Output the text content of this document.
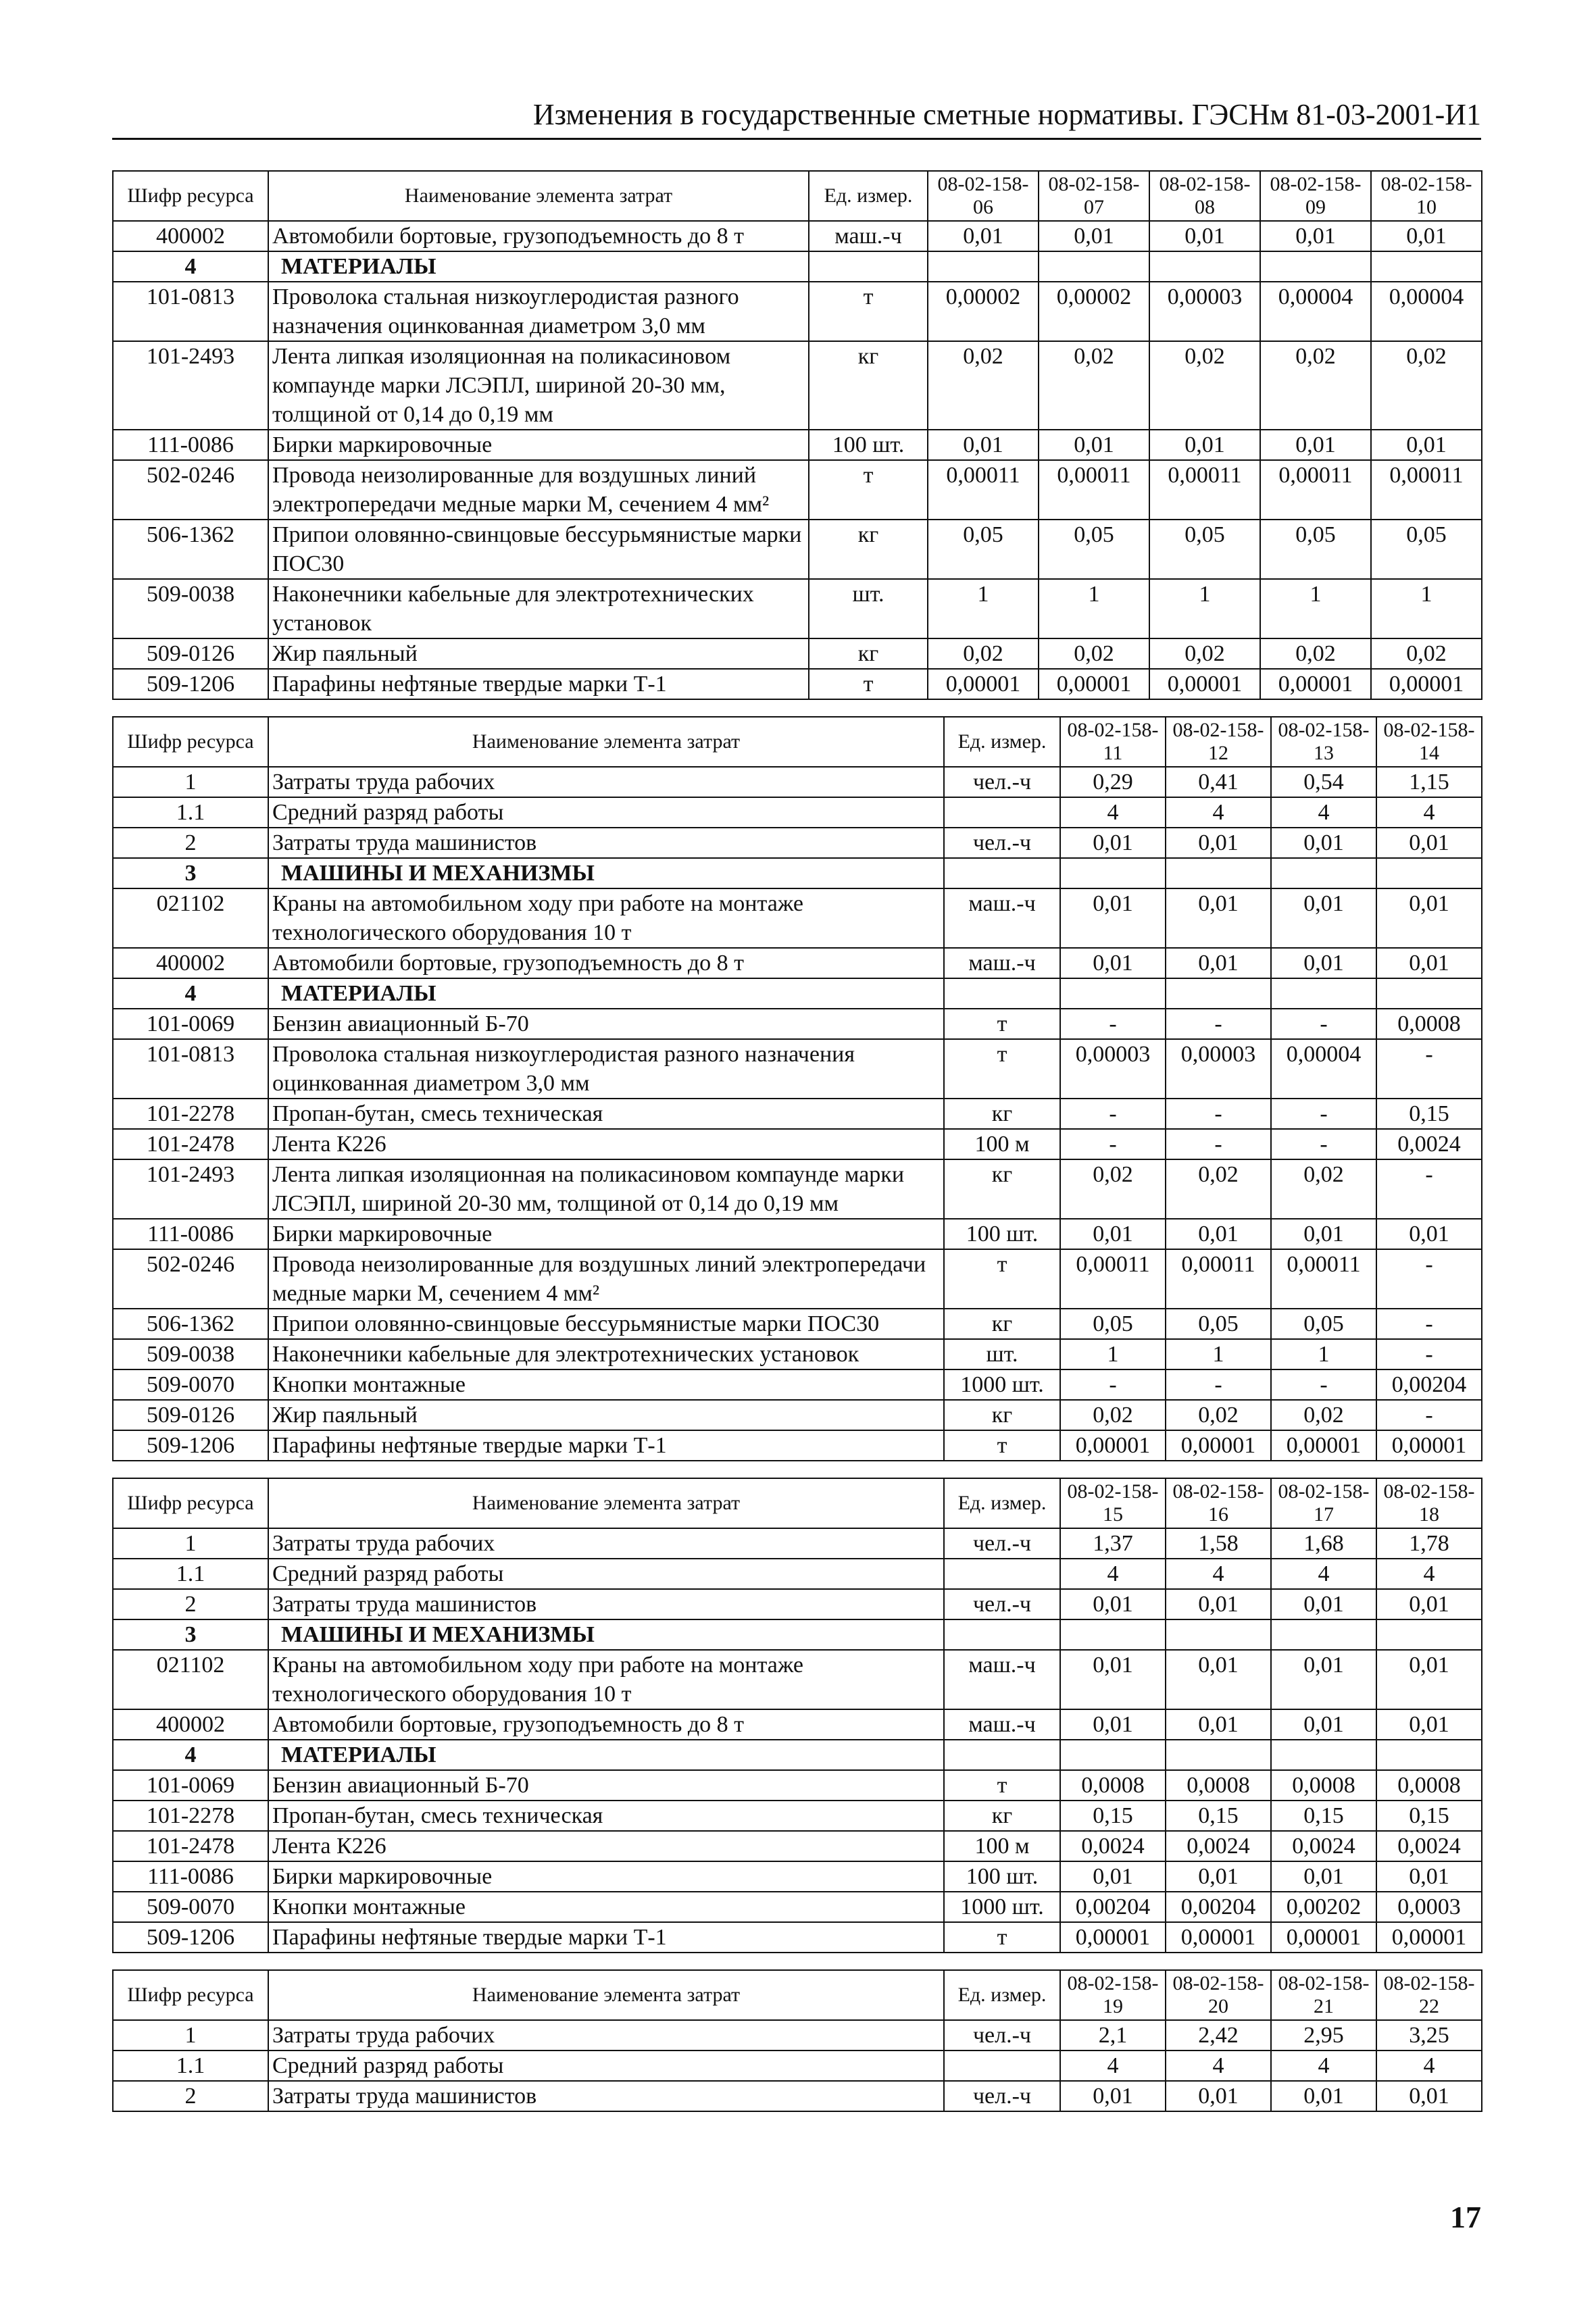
Изменения в государственные сметные нормативы. ГЭСНм 81-03-2001-И1
Шифр ресурса	Наименование элемента затрат	Ед. измер.	08-02-158-06	08-02-158-07	08-02-158-08	08-02-158-09	08-02-158-10
400002	Автомобили бортовые, грузоподъемность до 8 т	маш.-ч	0,01	0,01	0,01	0,01	0,01
4	МАТЕРИАЛЫ						
101-0813	Проволока стальная низкоуглеродистая разного назначения оцинкованная диаметром 3,0 мм	т	0,00002	0,00002	0,00003	0,00004	0,00004
101-2493	Лента липкая изоляционная на поликасиновом компаунде марки ЛСЭПЛ, шириной 20-30 мм, толщиной от 0,14 до 0,19 мм	кг	0,02	0,02	0,02	0,02	0,02
111-0086	Бирки маркировочные	100 шт.	0,01	0,01	0,01	0,01	0,01
502-0246	Провода неизолированные для воздушных линий электропередачи медные марки М, сечением 4 мм²	т	0,00011	0,00011	0,00011	0,00011	0,00011
506-1362	Припои оловянно-свинцовые бессурьмянистые марки ПОС30	кг	0,05	0,05	0,05	0,05	0,05
509-0038	Наконечники кабельные для электротехнических установок	шт.	1	1	1	1	1
509-0126	Жир паяльный	кг	0,02	0,02	0,02	0,02	0,02
509-1206	Парафины нефтяные твердые марки Т-1	т	0,00001	0,00001	0,00001	0,00001	0,00001
Шифр ресурса	Наименование элемента затрат	Ед. измер.	08-02-158-11	08-02-158-12	08-02-158-13	08-02-158-14
1	Затраты труда рабочих	чел.-ч	0,29	0,41	0,54	1,15
1.1	Средний разряд работы		4	4	4	4
2	Затраты труда машинистов	чел.-ч	0,01	0,01	0,01	0,01
3	МАШИНЫ И МЕХАНИЗМЫ					
021102	Краны на автомобильном ходу при работе на монтаже технологического оборудования 10 т	маш.-ч	0,01	0,01	0,01	0,01
400002	Автомобили бортовые, грузоподъемность до 8 т	маш.-ч	0,01	0,01	0,01	0,01
4	МАТЕРИАЛЫ					
101-0069	Бензин авиационный Б-70	т	-	-	-	0,0008
101-0813	Проволока стальная низкоуглеродистая разного назначения оцинкованная диаметром 3,0 мм	т	0,00003	0,00003	0,00004	-
101-2278	Пропан-бутан, смесь техническая	кг	-	-	-	0,15
101-2478	Лента К226	100 м	-	-	-	0,0024
101-2493	Лента липкая изоляционная на поликасиновом компаунде марки ЛСЭПЛ, шириной 20-30 мм, толщиной от 0,14 до 0,19 мм	кг	0,02	0,02	0,02	-
111-0086	Бирки маркировочные	100 шт.	0,01	0,01	0,01	0,01
502-0246	Провода неизолированные для воздушных линий электропередачи медные марки М, сечением 4 мм²	т	0,00011	0,00011	0,00011	-
506-1362	Припои оловянно-свинцовые бессурьмянистые марки ПОС30	кг	0,05	0,05	0,05	-
509-0038	Наконечники кабельные для электротехнических установок	шт.	1	1	1	-
509-0070	Кнопки монтажные	1000 шт.	-	-	-	0,00204
509-0126	Жир паяльный	кг	0,02	0,02	0,02	-
509-1206	Парафины нефтяные твердые марки Т-1	т	0,00001	0,00001	0,00001	0,00001
Шифр ресурса	Наименование элемента затрат	Ед. измер.	08-02-158-15	08-02-158-16	08-02-158-17	08-02-158-18
1	Затраты труда рабочих	чел.-ч	1,37	1,58	1,68	1,78
1.1	Средний разряд работы		4	4	4	4
2	Затраты труда машинистов	чел.-ч	0,01	0,01	0,01	0,01
3	МАШИНЫ И МЕХАНИЗМЫ					
021102	Краны на автомобильном ходу при работе на монтаже технологического оборудования 10 т	маш.-ч	0,01	0,01	0,01	0,01
400002	Автомобили бортовые, грузоподъемность до 8 т	маш.-ч	0,01	0,01	0,01	0,01
4	МАТЕРИАЛЫ					
101-0069	Бензин авиационный Б-70	т	0,0008	0,0008	0,0008	0,0008
101-2278	Пропан-бутан, смесь техническая	кг	0,15	0,15	0,15	0,15
101-2478	Лента К226	100 м	0,0024	0,0024	0,0024	0,0024
111-0086	Бирки маркировочные	100 шт.	0,01	0,01	0,01	0,01
509-0070	Кнопки монтажные	1000 шт.	0,00204	0,00204	0,00202	0,0003
509-1206	Парафины нефтяные твердые марки Т-1	т	0,00001	0,00001	0,00001	0,00001
Шифр ресурса	Наименование элемента затрат	Ед. измер.	08-02-158-19	08-02-158-20	08-02-158-21	08-02-158-22
1	Затраты труда рабочих	чел.-ч	2,1	2,42	2,95	3,25
1.1	Средний разряд работы		4	4	4	4
2	Затраты труда машинистов	чел.-ч	0,01	0,01	0,01	0,01
17
